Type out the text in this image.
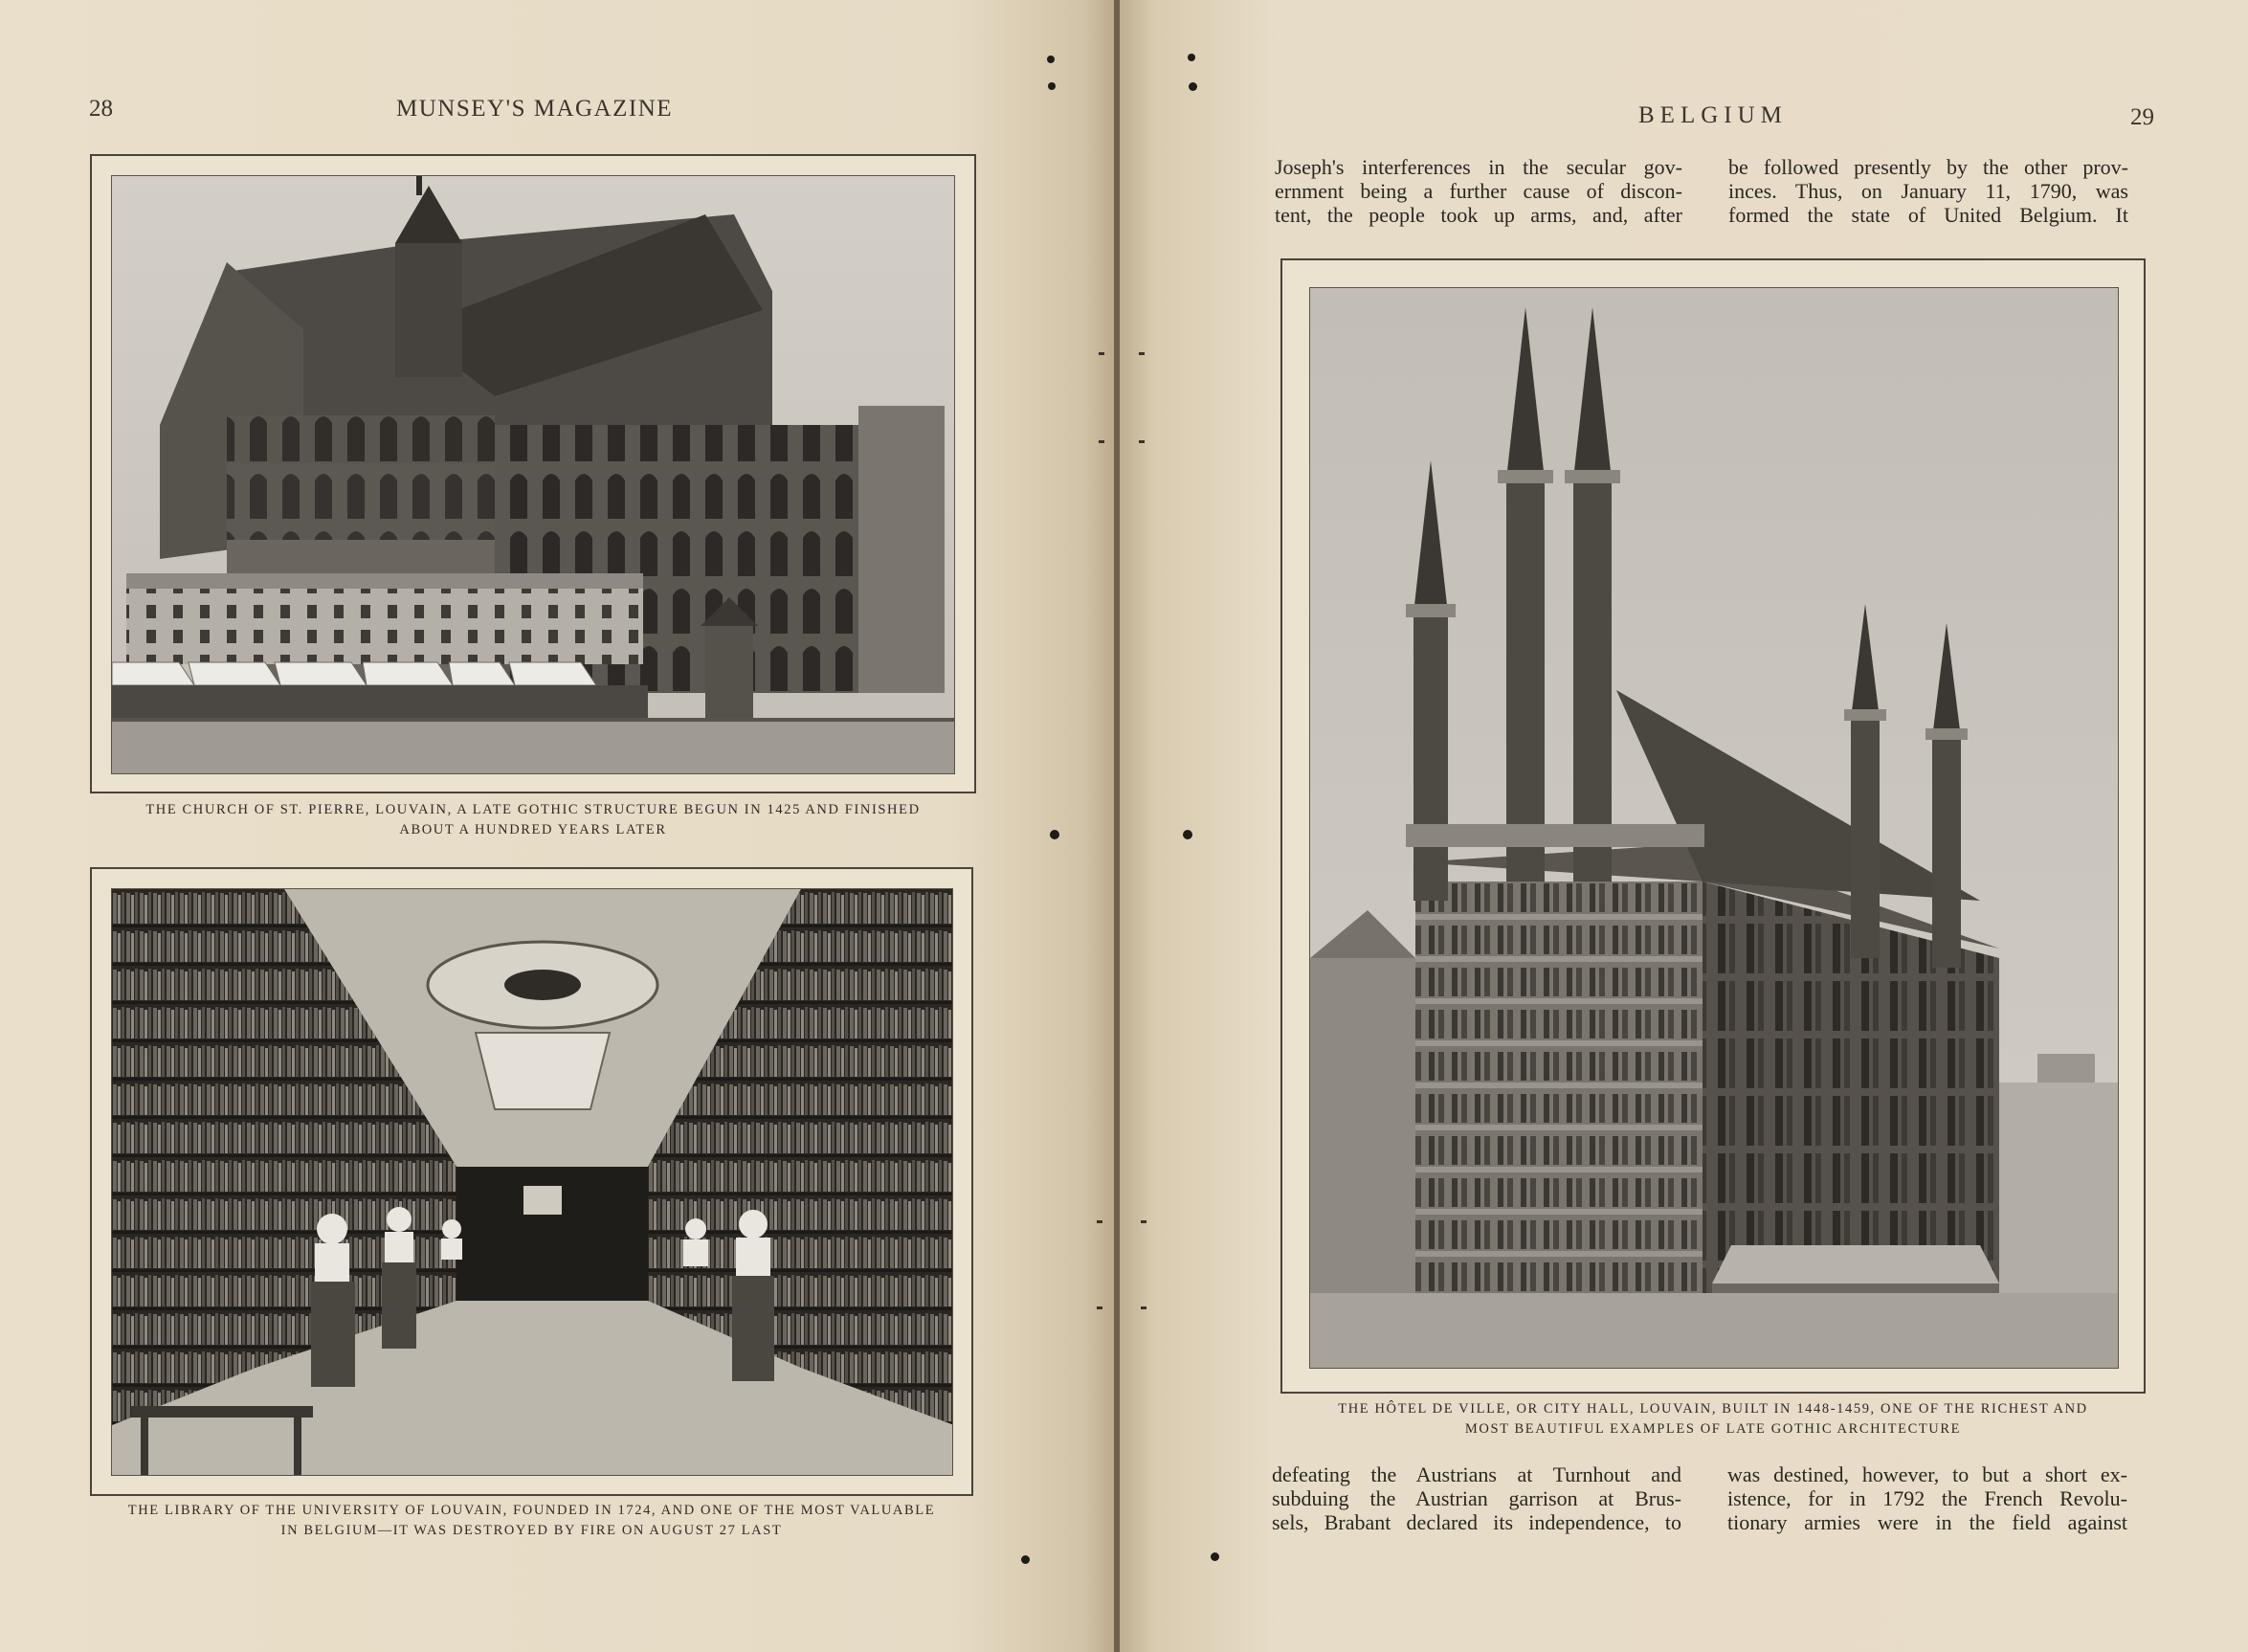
28	MUNSEY'S MAGAZINE
THE CHURCH OF ST. PIERRE, LOUVAIN, A LATE GOTHIC STRUCTURE BEGUN IN 1425 AND FINISHED
ABOUT A HUNDRED YEARS LATER
THE LIBRARY OF THE UNIVERSITY OF LOUVAIN, FOUNDED IN 1724, AND ONE OF THE MOST VALUABLE
IN BELGIUM—IT WAS DESTROYED BY FIRE ON AUGUST 27 LAST
BELGIUM	29
Joseph's interferences in the secular gov-
ernment being a further cause of discon-
tent, the people took up arms, and, after
be followed presently by the other prov-
inces. Thus, on January 11, 1790, was
formed the state of United Belgium. It
THE HÔTEL DE VILLE, OR CITY HALL, LOUVAIN, BUILT IN 1448-1459, ONE OF THE RICHEST AND
MOST BEAUTIFUL EXAMPLES OF LATE GOTHIC ARCHITECTURE
defeating the Austrians at Turnhout and
subduing the Austrian garrison at Brus-
sels, Brabant declared its independence, to
was destined, however, to but a short ex-
istence, for in 1792 the French Revolu-
tionary armies were in the field against
